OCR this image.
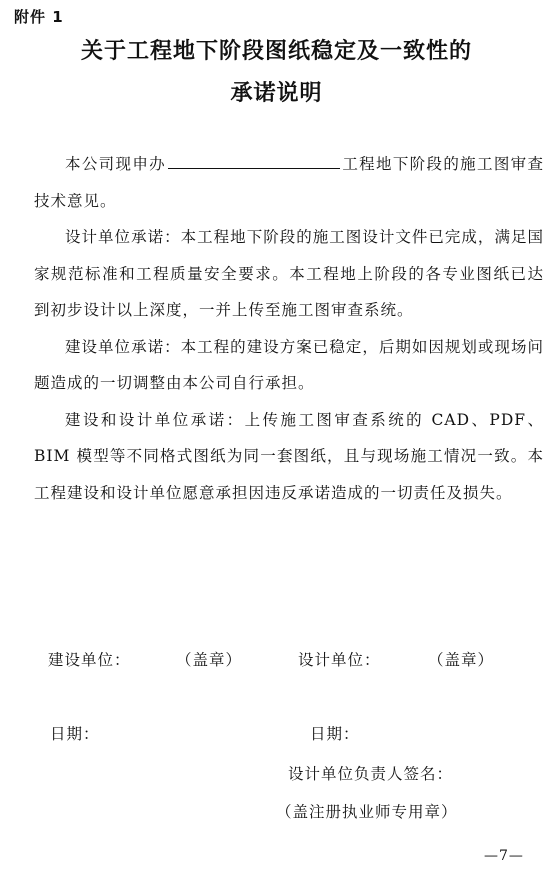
附件 1
关于工程地下阶段图纸稳定及一致性的
承诺说明

本公司现申办	工程地下阶段的施工图审查技术意见。

设计单位承诺：本工程地下阶段的施工图设计文件已完成，满足国家规范标准和工程质量安全要求。本工程地上阶段的各专业图纸已达到初步设计以上深度，一并上传至施工图审查系统。

建设单位承诺：本工程的建设方案已稳定，后期如因规划或现场问题造成的一切调整由本公司自行承担。

建设和设计单位承诺：上传施工图审查系统的 CAD、PDF、BIM 模型等不同格式图纸为同一套图纸，且与现场施工情况一致。本工程建设和设计单位愿意承担因违反承诺造成的一切责任及损失。

建设单位：	（盖章）	设计单位：	（盖章）
日期：	日期：
设计单位负责人签名：
（盖注册执业师专用章）
—7—
